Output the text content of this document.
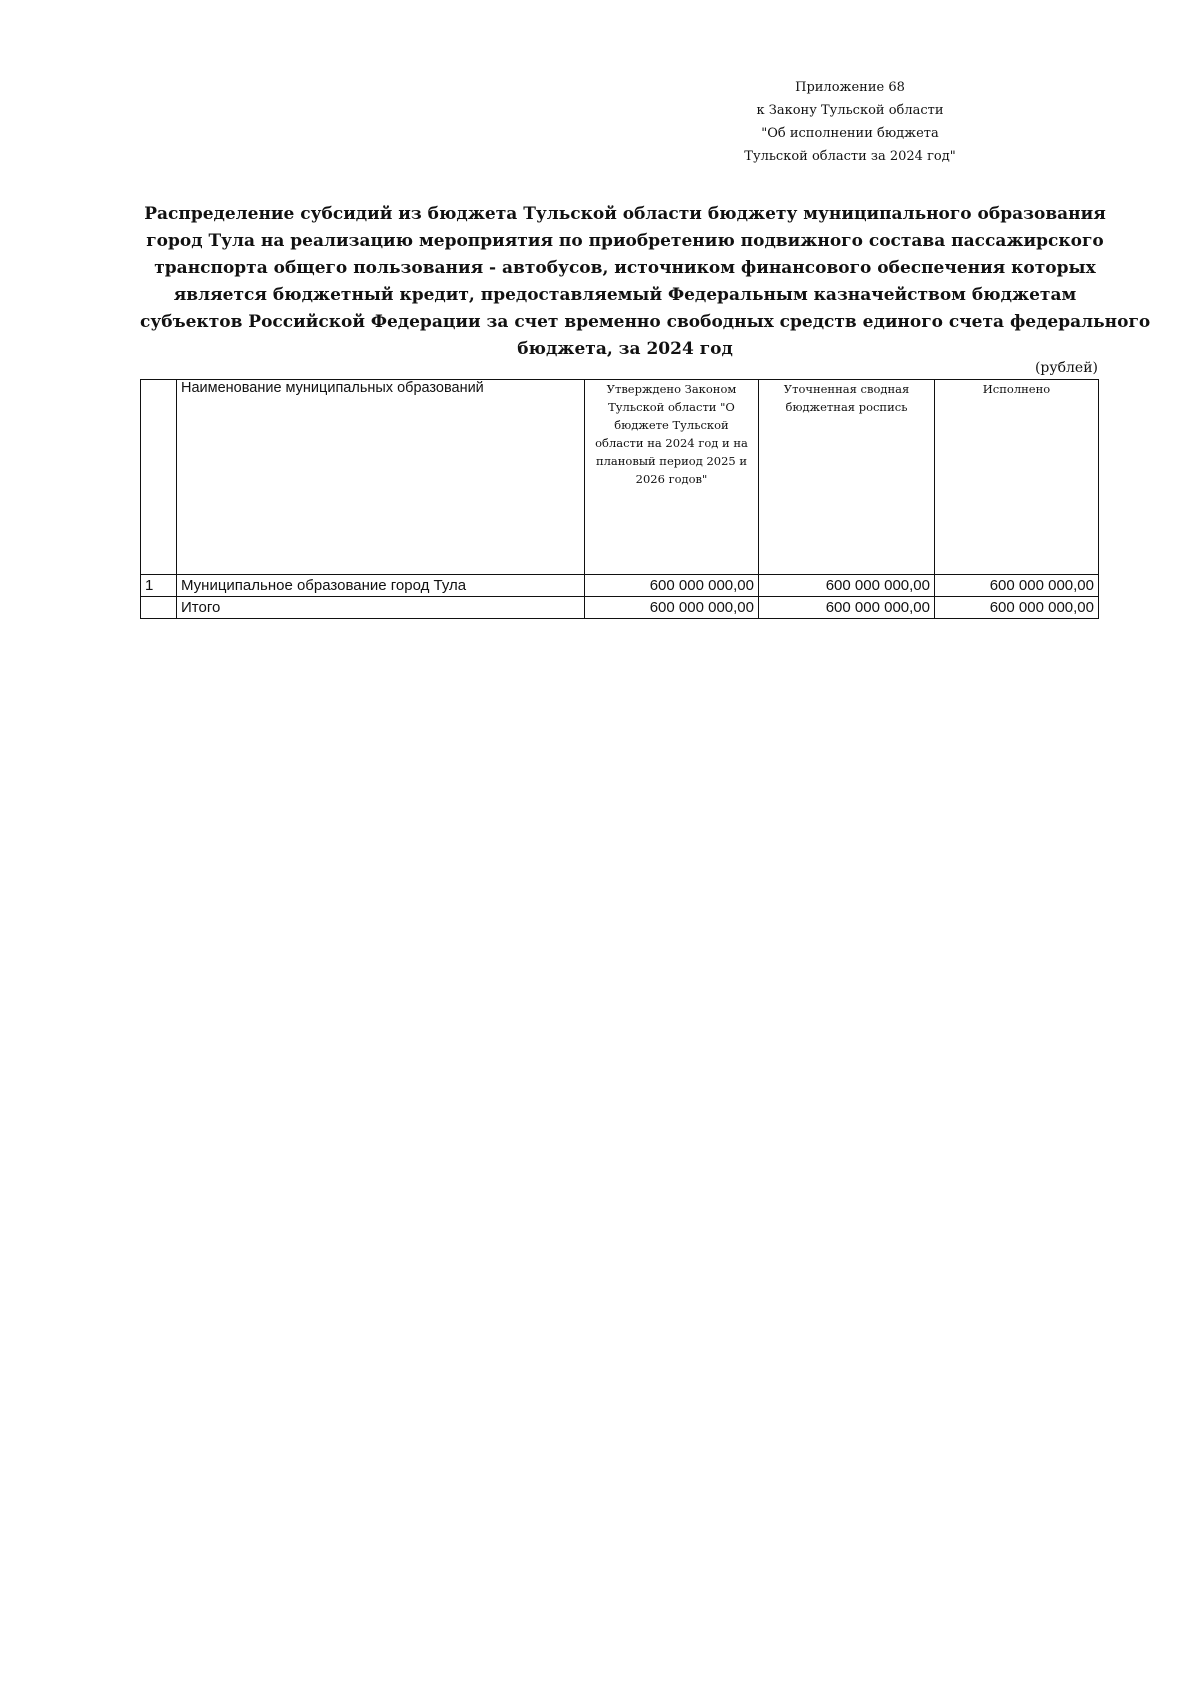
Приложение 68
к Закону Тульской области
"Об исполнении бюджета
Тульской области за 2024 год"
Распределение субсидий из бюджета Тульской области бюджету муниципального образования
город Тула на реализацию мероприятия по приобретению подвижного состава пассажирского
транспорта общего пользования - автобусов, источником финансового обеспечения которых
является бюджетный кредит, предоставляемый Федеральным казначейством бюджетам
субъектов Российской Федерации за счет временно свободных средств единого счета федерального
бюджета, за 2024 год
(рублей)
	Наименование муниципальных образований	Утверждено Законом Тульской области "О бюджете Тульской области на 2024 год и на плановый период 2025 и 2026 годов"	Уточненная сводная бюджетная роспись	Исполнено
1	Муниципальное образование город Тула	600 000 000,00	600 000 000,00	600 000 000,00
	Итого	600 000 000,00	600 000 000,00	600 000 000,00
